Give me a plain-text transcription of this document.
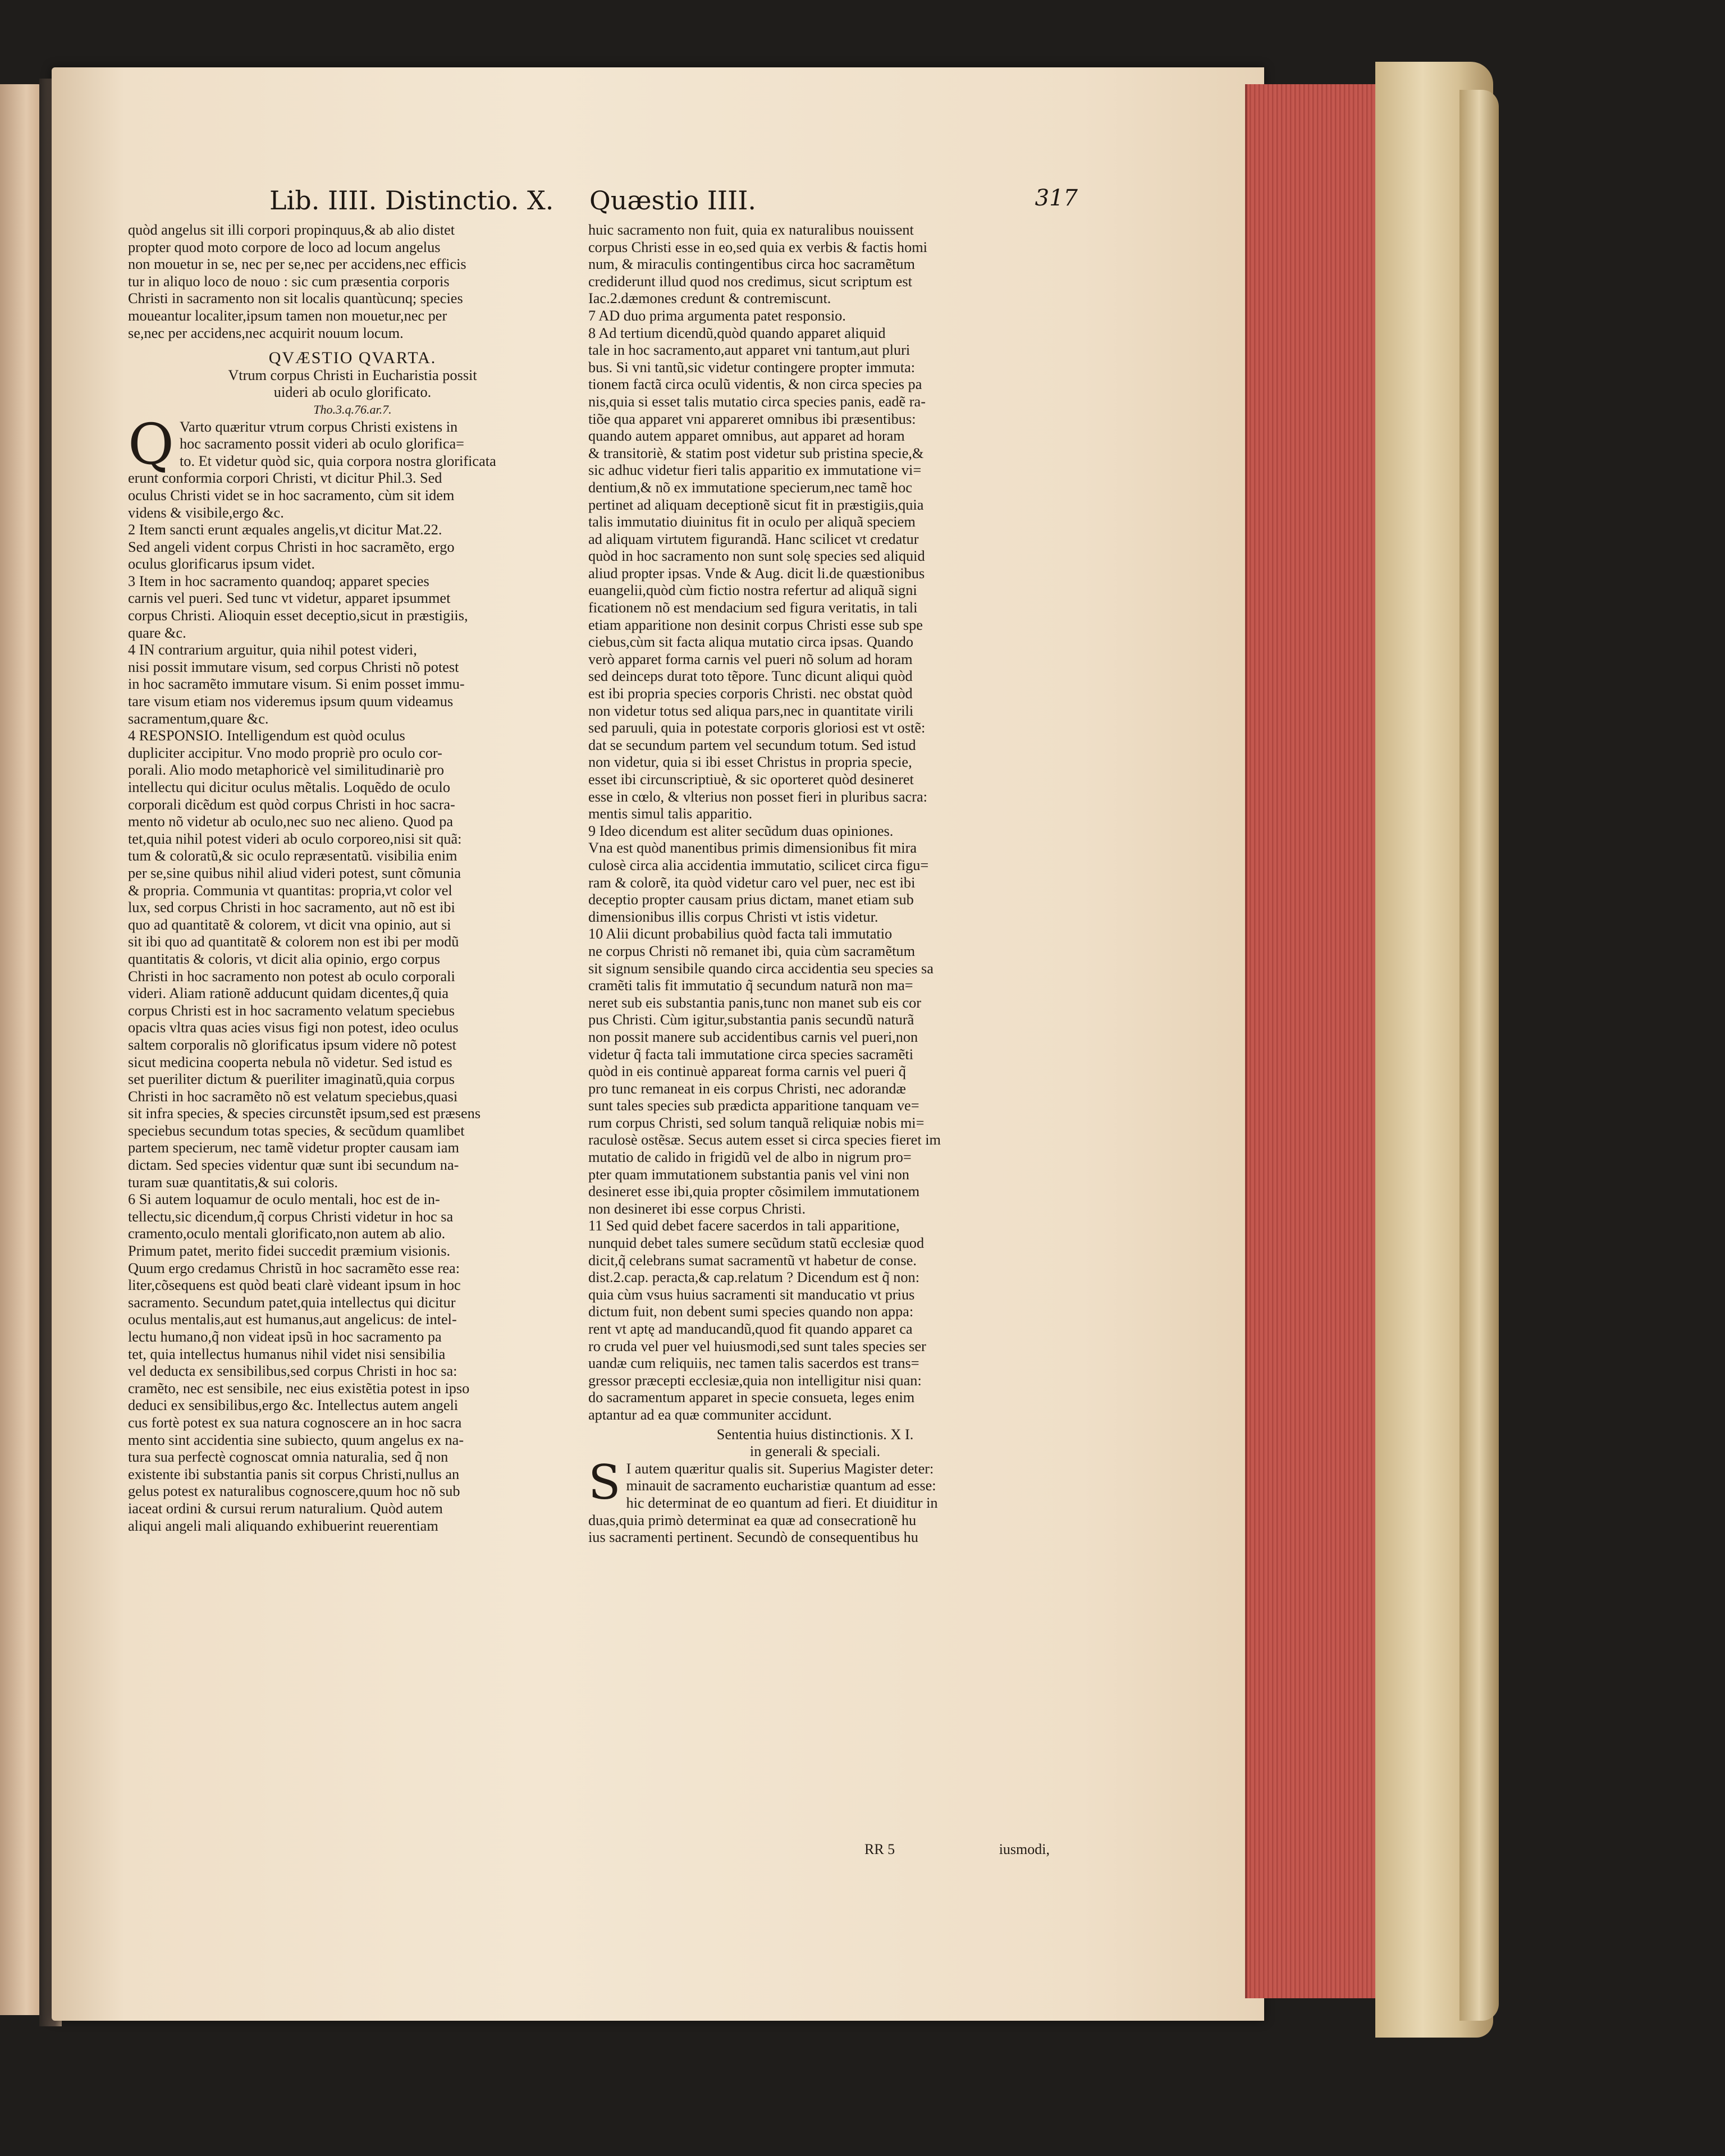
Lib. IIII. Distinctio. X. Quæstio IIII.	317
quòd angelus sit illi corpori propinquus,& ab alio distet
propter quod moto corpore de loco ad locum angelus
non mouetur in se, nec per se,nec per accidens,nec efficis
tur in aliquo loco de nouo : sic cum præsentia corporis
Christi in sacramento non sit localis quantùcunq; species
moueantur localiter,ipsum tamen non mouetur,nec per
se,nec per accidens,nec acquirit nouum locum.
QVÆSTIO QVARTA.
Vtrum corpus Christi in Eucharistia possit
uideri ab oculo glorificato.
Tho.3.q.76.ar.7.
Q Varto quæritur vtrum corpus Christi existens in
hoc sacramento possit videri ab oculo glorifica=
to. Et videtur quòd sic, quia corpora nostra glorificata
erunt conformia corpori Christi, vt dicitur Phil.3. Sed
oculus Christi videt se in hoc sacramento, cùm sit idem
videns & visibile,ergo &c.
2 Item sancti erunt æquales angelis,vt dicitur Mat.22.
Sed angeli vident corpus Christi in hoc sacramẽto, ergo
oculus glorificarus ipsum videt.
3 Item in hoc sacramento quandoq; apparet species
carnis vel pueri. Sed tunc vt videtur, apparet ipsummet
corpus Christi. Alioquin esset deceptio,sicut in præstigiis,
quare &c.
4 IN contrarium arguitur, quia nihil potest videri,
nisi possit immutare visum, sed corpus Christi nõ potest
in hoc sacramẽto immutare visum. Si enim posset immu-
tare visum etiam nos videremus ipsum quum videamus
sacramentum,quare &c.
4 RESPONSIO. Intelligendum est quòd oculus
dupliciter accipitur. Vno modo propriè pro oculo cor-
porali. Alio modo metaphoricè vel similitudinariè pro
intellectu qui dicitur oculus mẽtalis. Loquẽdo de oculo
corporali dicẽdum est quòd corpus Christi in hoc sacra-
mento nõ videtur ab oculo,nec suo nec alieno. Quod pa
tet,quia nihil potest videri ab oculo corporeo,nisi sit quã:
tum & coloratũ,& sic oculo repræsentatũ. visibilia enim
per se,sine quibus nihil aliud videri potest, sunt cõmunia
& propria. Communia vt quantitas: propria,vt color vel
lux, sed corpus Christi in hoc sacramento, aut nõ est ibi
quo ad quantitatẽ & colorem, vt dicit vna opinio, aut si
sit ibi quo ad quantitatẽ & colorem non est ibi per modũ
quantitatis & coloris, vt dicit alia opinio, ergo corpus
Christi in hoc sacramento non potest ab oculo corporali
videri. Aliam rationẽ adducunt quidam dicentes,q̃ quia
corpus Christi est in hoc sacramento velatum speciebus
opacis vltra quas acies visus figi non potest, ideo oculus
saltem corporalis nõ glorificatus ipsum videre nõ potest
sicut medicina cooperta nebula nõ videtur. Sed istud es
set pueriliter dictum & pueriliter imaginatũ,quia corpus
Christi in hoc sacramẽto nõ est velatum speciebus,quasi
sit infra species, & species circunstẽt ipsum,sed est præsens
speciebus secundum totas species, & secũdum quamlibet
partem specierum, nec tamẽ videtur propter causam iam
dictam. Sed species videntur quæ sunt ibi secundum na-
turam suæ quantitatis,& sui coloris.
6 Si autem loquamur de oculo mentali, hoc est de in-
tellectu,sic dicendum,q̃ corpus Christi videtur in hoc sa
cramento,oculo mentali glorificato,non autem ab alio.
Primum patet, merito fidei succedit præmium visionis.
Quum ergo credamus Christũ in hoc sacramẽto esse rea:
liter,cõsequens est quòd beati clarè videant ipsum in hoc
sacramento. Secundum patet,quia intellectus qui dicitur
oculus mentalis,aut est humanus,aut angelicus: de intel-
lectu humano,q̃ non videat ipsũ in hoc sacramento pa
tet, quia intellectus humanus nihil videt nisi sensibilia
vel deducta ex sensibilibus,sed corpus Christi in hoc sa:
cramẽto, nec est sensibile, nec eius existẽtia potest in ipso
deduci ex sensibilibus,ergo &c. Intellectus autem angeli
cus fortè potest ex sua natura cognoscere an in hoc sacra
mento sint accidentia sine subiecto, quum angelus ex na-
tura sua perfectè cognoscat omnia naturalia, sed q̃ non
existente ibi substantia panis sit corpus Christi,nullus an
gelus potest ex naturalibus cognoscere,quum hoc nõ sub
iaceat ordini & cursui rerum naturalium. Quòd autem
aliqui angeli mali aliquando exhibuerint reuerentiam
huic sacramento non fuit, quia ex naturalibus nouissent
corpus Christi esse in eo,sed quia ex verbis & factis homi
num, & miraculis contingentibus circa hoc sacramẽtum
crediderunt illud quod nos credimus, sicut scriptum est
Iac.2.dæmones credunt & contremiscunt.
7 AD duo prima argumenta patet responsio.
8 Ad tertium dicendũ,quòd quando apparet aliquid
tale in hoc sacramento,aut apparet vni tantum,aut pluri
bus. Si vni tantũ,sic videtur contingere propter immuta:
tionem factã circa oculũ videntis, & non circa species pa
nis,quia si esset talis mutatio circa species panis, eadẽ ra-
tiõe qua apparet vni appareret omnibus ibi præsentibus:
quando autem apparet omnibus, aut apparet ad horam
& transitoriè, & statim post videtur sub pristina specie,&
sic adhuc videtur fieri talis apparitio ex immutatione vi=
dentium,& nõ ex immutatione specierum,nec tamẽ hoc
pertinet ad aliquam deceptionẽ sicut fit in præstigiis,quia
talis immutatio diuinitus fit in oculo per aliquã speciem
ad aliquam virtutem figurandã. Hanc scilicet vt credatur
quòd in hoc sacramento non sunt solę species sed aliquid
aliud propter ipsas. Vnde & Aug. dicit li.de quæstionibus
euangelii,quòd cùm fictio nostra refertur ad aliquã signi
ficationem nõ est mendacium sed figura veritatis, in tali
etiam apparitione non desinit corpus Christi esse sub spe
ciebus,cùm sit facta aliqua mutatio circa ipsas. Quando
verò apparet forma carnis vel pueri nõ solum ad horam
sed deinceps durat toto tẽpore. Tunc dicunt aliqui quòd
est ibi propria species corporis Christi. nec obstat quòd
non videtur totus sed aliqua pars,nec in quantitate virili
sed paruuli, quia in potestate corporis gloriosi est vt ostẽ:
dat se secundum partem vel secundum totum. Sed istud
non videtur, quia si ibi esset Christus in propria specie,
esset ibi circunscriptiuè, & sic oporteret quòd desineret
esse in cœlo, & vlterius non posset fieri in pluribus sacra:
mentis simul talis apparitio.
9 Ideo dicendum est aliter secũdum duas opiniones.
Vna est quòd manentibus primis dimensionibus fit mira
culosè circa alia accidentia immutatio, scilicet circa figu=
ram & colorẽ, ita quòd videtur caro vel puer, nec est ibi
deceptio propter causam prius dictam, manet etiam sub
dimensionibus illis corpus Christi vt istis videtur.
10 Alii dicunt probabilius quòd facta tali immutatio
ne corpus Christi nõ remanet ibi, quia cùm sacramẽtum
sit signum sensibile quando circa accidentia seu species sa
cramẽti talis fit immutatio q̃ secundum naturã non ma=
neret sub eis substantia panis,tunc non manet sub eis cor
pus Christi. Cùm igitur,substantia panis secundũ naturã
non possit manere sub accidentibus carnis vel pueri,non
videtur q̃ facta tali immutatione circa species sacramẽti
quòd in eis continuè appareat forma carnis vel pueri q̃
pro tunc remaneat in eis corpus Christi, nec adorandæ
sunt tales species sub prædicta apparitione tanquam ve=
rum corpus Christi, sed solum tanquã reliquiæ nobis mi=
raculosè ostẽsæ. Secus autem esset si circa species fieret im
mutatio de calido in frigidũ vel de albo in nigrum pro=
pter quam immutationem substantia panis vel vini non
desineret esse ibi,quia propter cõsimilem immutationem
non desineret ibi esse corpus Christi.
11 Sed quid debet facere sacerdos in tali apparitione,
nunquid debet tales sumere secũdum statũ ecclesiæ quod
dicit,q̃ celebrans sumat sacramentũ vt habetur de conse.
dist.2.cap. peracta,& cap.relatum ? Dicendum est q̃ non:
quia cùm vsus huius sacramenti sit manducatio vt prius
dictum fuit, non debent sumi species quando non appa:
rent vt aptę ad manducandũ,quod fit quando apparet ca
ro cruda vel puer vel huiusmodi,sed sunt tales species ser
uandæ cum reliquiis, nec tamen talis sacerdos est trans=
gressor præcepti ecclesiæ,quia non intelligitur nisi quan:
do sacramentum apparet in specie consueta, leges enim
aptantur ad ea quæ communiter accidunt.
Sententia huius distinctionis. X I.
in generali & speciali.
S I autem quæritur qualis sit. Superius Magister deter:
minauit de sacramento eucharistiæ quantum ad esse:
hic determinat de eo quantum ad fieri. Et diuiditur in
duas,quia primò determinat ea quæ ad consecrationẽ hu
ius sacramenti pertinent. Secundò de consequentibus hu
RR 5	iusmodi,
